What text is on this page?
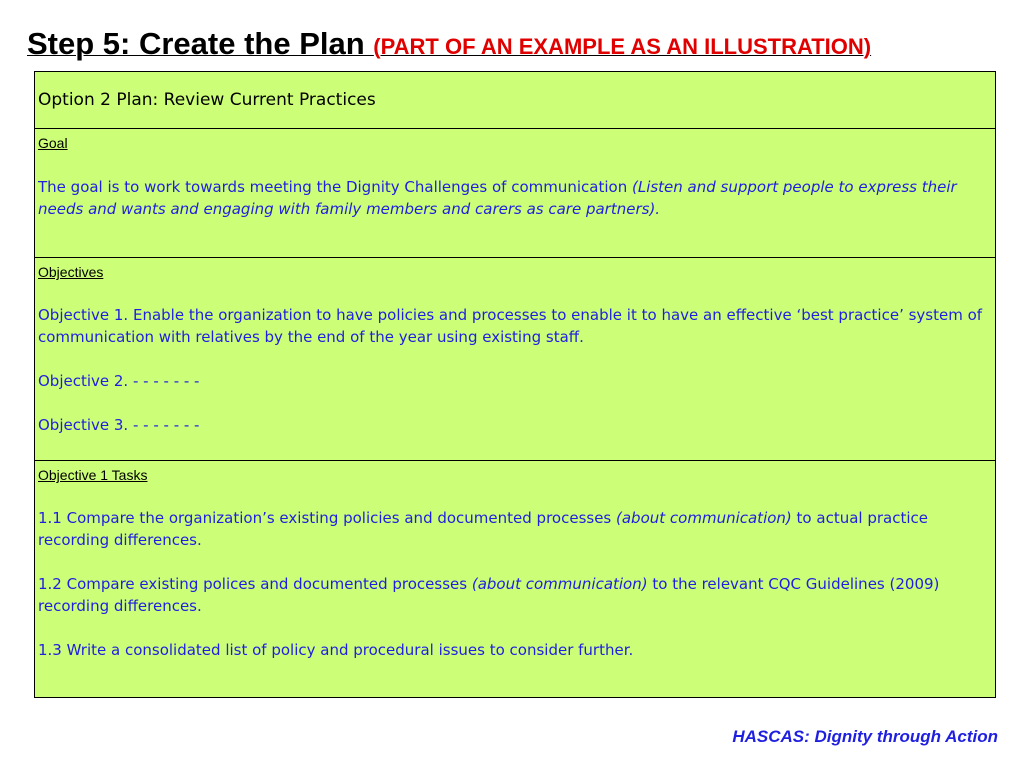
Step 5: Create the Plan (PART OF AN EXAMPLE AS AN ILLUSTRATION)
Option 2 Plan: Review Current Practices
Goal

The goal is to work towards meeting the Dignity Challenges of communication (Listen and support people to express their needs and wants and engaging with family members and carers as care partners).

Objectives

Objective 1. Enable the organization to have policies and processes to enable it to have an effective ‘best practice’ system of communication with relatives by the end of the year using existing staff.

Objective 2. - - - - - - -

Objective 3. - - - - - - -

Objective 1 Tasks

1.1 Compare the organization’s existing policies and documented processes (about communication) to actual practice recording differences.

1.2 Compare existing polices and documented processes (about communication) to the relevant CQC Guidelines (2009) recording differences.

1.3 Write a consolidated list of policy and procedural issues to consider further.

HASCAS: Dignity through Action
